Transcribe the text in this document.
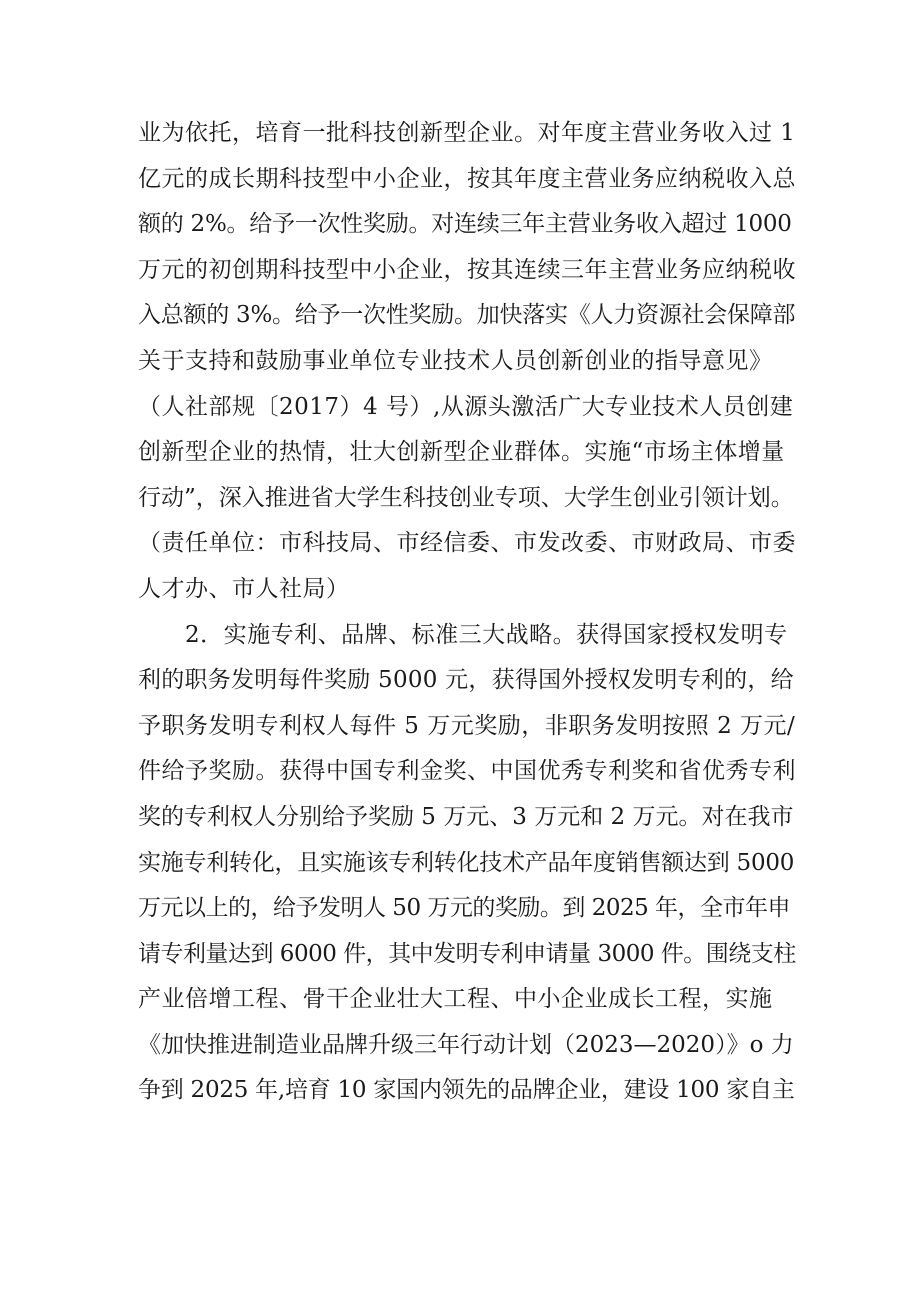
业为依托，培育一批科技创新型企业。对年度主营业务收入过 1
亿元的成长期科技型中小企业，按其年度主营业务应纳税收入总
额的 2%。给予一次性奖励。对连续三年主营业务收入超过 1000
万元的初创期科技型中小企业，按其连续三年主营业务应纳税收
入总额的 3%。给予一次性奖励。加快落实《人力资源社会保障部
关于支持和鼓励事业单位专业技术人员创新创业的指导意见》
（人社部规〔2017）4 号）,从源头激活广大专业技术人员创建
创新型企业的热情，壮大创新型企业群体。实施“市场主体增量
行动”，深入推进省大学生科技创业专项、大学生创业引领计划。
（责任单位：市科技局、市经信委、市发改委、市财政局、市委
人才办、市人社局）
　　2．实施专利、品牌、标准三大战略。获得国家授权发明专
利的职务发明每件奖励 5000 元，获得国外授权发明专利的，给
予职务发明专利权人每件 5 万元奖励，非职务发明按照 2 万元/
件给予奖励。获得中国专利金奖、中国优秀专利奖和省优秀专利
奖的专利权人分别给予奖励 5 万元、3 万元和 2 万元。对在我市
实施专利转化，且实施该专利转化技术产品年度销售额达到 5000
万元以上的，给予发明人 50 万元的奖励。到 2025 年，全市年申
请专利量达到 6000 件，其中发明专利申请量 3000 件。围绕支柱
产业倍增工程、骨干企业壮大工程、中小企业成长工程，实施
《加快推进制造业品牌升级三年行动计划（2023—2020）》o 力
争到 2025 年,培育 10 家国内领先的品牌企业，建设 100 家自主
